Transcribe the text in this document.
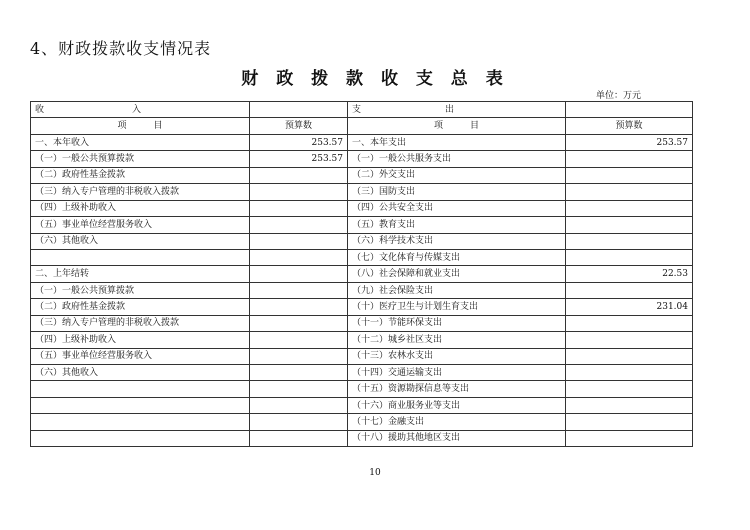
4、财政拨款收支情况表
财 政 拨 款 收 支 总 表
单位：万元
收 入		支 出	
项　　　目	预算数	项　　　目	预算数
一、本年收入	253.57	一、本年支出	253.57
（一）一般公共预算拨款	253.57	（一）一般公共服务支出	
（二）政府性基金拨款		（二）外交支出	
（三）纳入专户管理的非税收入拨款		（三）国防支出	
（四）上级补助收入		（四）公共安全支出	
（五）事业单位经营服务收入		（五）教育支出	
（六）其他收入		（六）科学技术支出	
		（七）文化体育与传媒支出	
二、上年结转		（八）社会保障和就业支出	22.53
（一）一般公共预算拨款		（九）社会保险支出	
（二）政府性基金拨款		（十）医疗卫生与计划生育支出	231.04
（三）纳入专户管理的非税收入拨款		（十一）节能环保支出	
（四）上级补助收入		（十二）城乡社区支出	
（五）事业单位经营服务收入		（十三）农林水支出	
（六）其他收入		（十四）交通运输支出	
		（十五）资源勘探信息等支出	
		（十六）商业服务业等支出	
		（十七）金融支出	
		（十八）援助其他地区支出	
10
